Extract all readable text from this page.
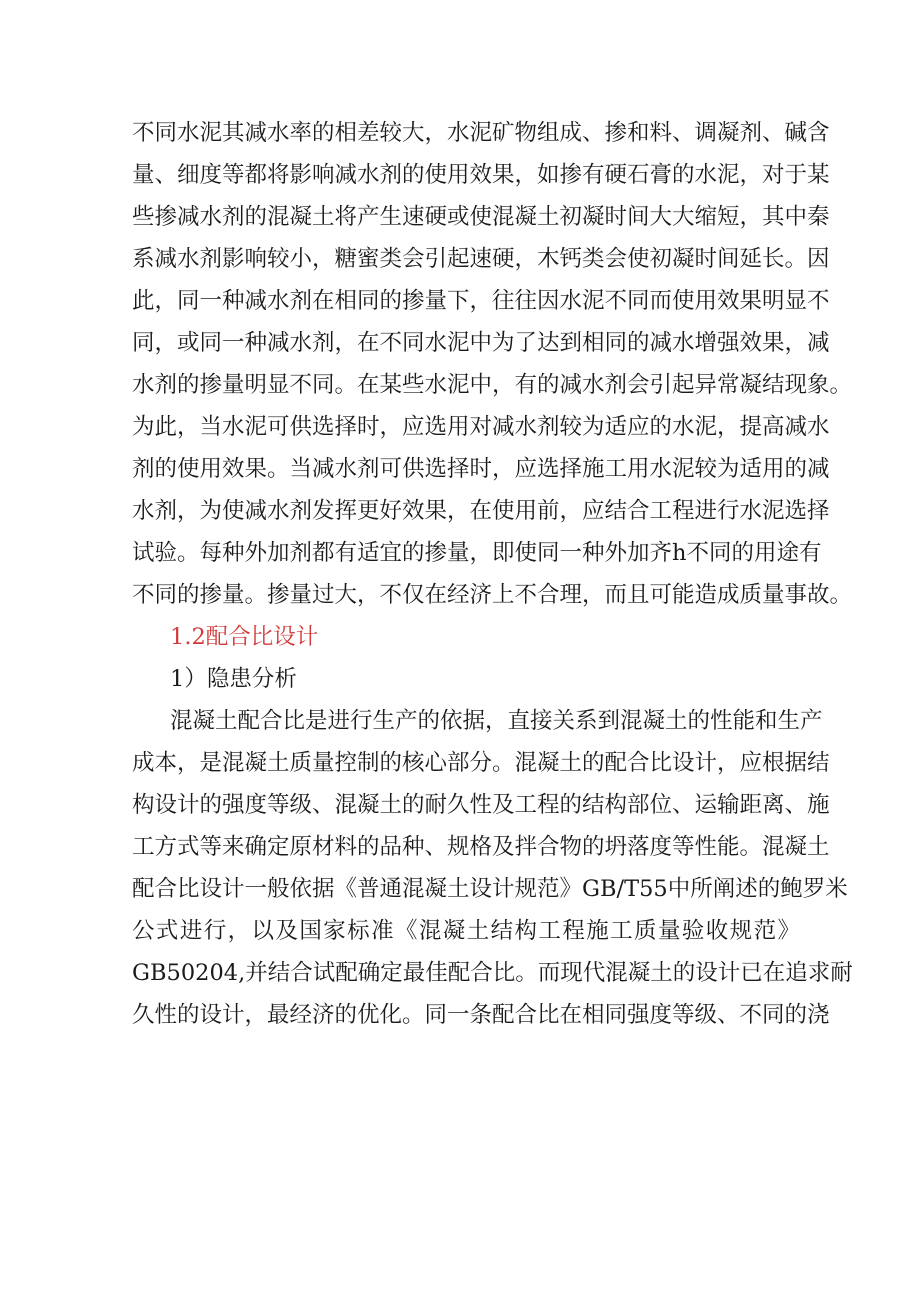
不同水泥其减水率的相差较大，水泥矿物组成、掺和料、调凝剂、碱含
量、细度等都将影响减水剂的使用效果，如掺有硬石膏的水泥，对于某
些掺减水剂的混凝土将产生速硬或使混凝土初凝时间大大缩短，其中秦
系减水剂影响较小，糖蜜类会引起速硬，木钙类会使初凝时间延长。因
此，同一种减水剂在相同的掺量下，往往因水泥不同而使用效果明显不
同，或同一种减水剂，在不同水泥中为了达到相同的减水增强效果，减
水剂的掺量明显不同。在某些水泥中，有的减水剂会引起异常凝结现象。
为此，当水泥可供选择时，应选用对减水剂较为适应的水泥，提高减水
剂的使用效果。当减水剂可供选择时，应选择施工用水泥较为适用的减
水剂，为使减水剂发挥更好效果，在使用前，应结合工程进行水泥选择
试验。每种外加剂都有适宜的掺量，即使同一种外加齐h不同的用途有
不同的掺量。掺量过大，不仅在经济上不合理，而且可能造成质量事故。
1.2配合比设计
1）隐患分析
混凝土配合比是进行生产的依据，直接关系到混凝土的性能和生产
成本，是混凝土质量控制的核心部分。混凝土的配合比设计，应根据结
构设计的强度等级、混凝土的耐久性及工程的结构部位、运输距离、施
工方式等来确定原材料的品种、规格及拌合物的坍落度等性能。混凝土
配合比设计一般依据《普通混凝土设计规范》GB/T55中所阐述的鲍罗米
公式进行，以及国家标准《混凝土结构工程施工质量验收规范》
GB50204,并结合试配确定最佳配合比。而现代混凝土的设计已在追求耐
久性的设计，最经济的优化。同一条配合比在相同强度等级、不同的浇
